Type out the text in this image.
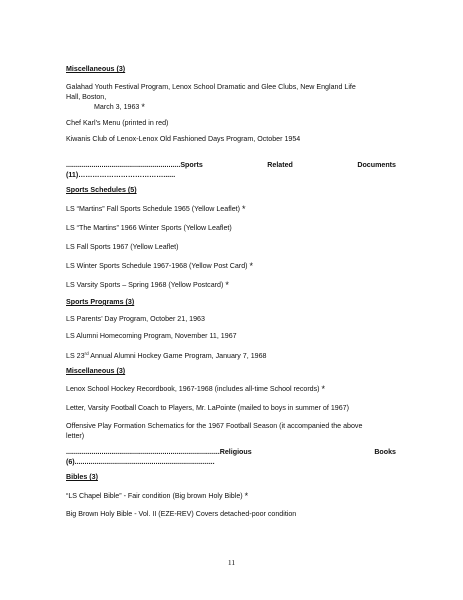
Miscellaneous (3)
Galahad Youth Festival Program, Lenox School Dramatic and Glee Clubs, New England Life
Hall, Boston,
March 3, 1963 *
Chef Karl’s Menu (printed in red)
Kiwanis Club of Lenox-Lenox Old Fashioned Days Program, October 1954
..........................................................Sports	Related	Documents
(11)………………………………......
Sports Schedules (5)
LS “Martins” Fall Sports Schedule 1965 (Yellow Leaflet) *
LS “The Martins” 1966 Winter Sports (Yellow Leaflet)
LS Fall Sports 1967 (Yellow Leaflet)
LS Winter Sports Schedule 1967-1968 (Yellow Post Card) *
LS Varsity Sports – Spring 1968 (Yellow Postcard) *
Sports Programs (3)
LS Parents’ Day Program, October 21, 1963
LS Alumni Homecoming Program, November 11, 1967
LS 23rd Annual Alumni Hockey Game Program, January 7, 1968
Miscellaneous (3)
Lenox School Hockey Recordbook, 1967-1968 (includes all-time School records) *
Letter, Varsity Football Coach to Players, Mr. LaPointe (mailed to boys in summer of 1967)
Offensive Play Formation Schematics for the 1967 Football Season (it accompanied the above
letter)
..............................................................................Religious	Books
(6).......................................................................
Bibles (3)
“LS Chapel Bible” - Fair condition (Big brown Holy Bible) *
Big Brown Holy Bible - Vol. II (EZE-REV) Covers detached-poor condition
11
